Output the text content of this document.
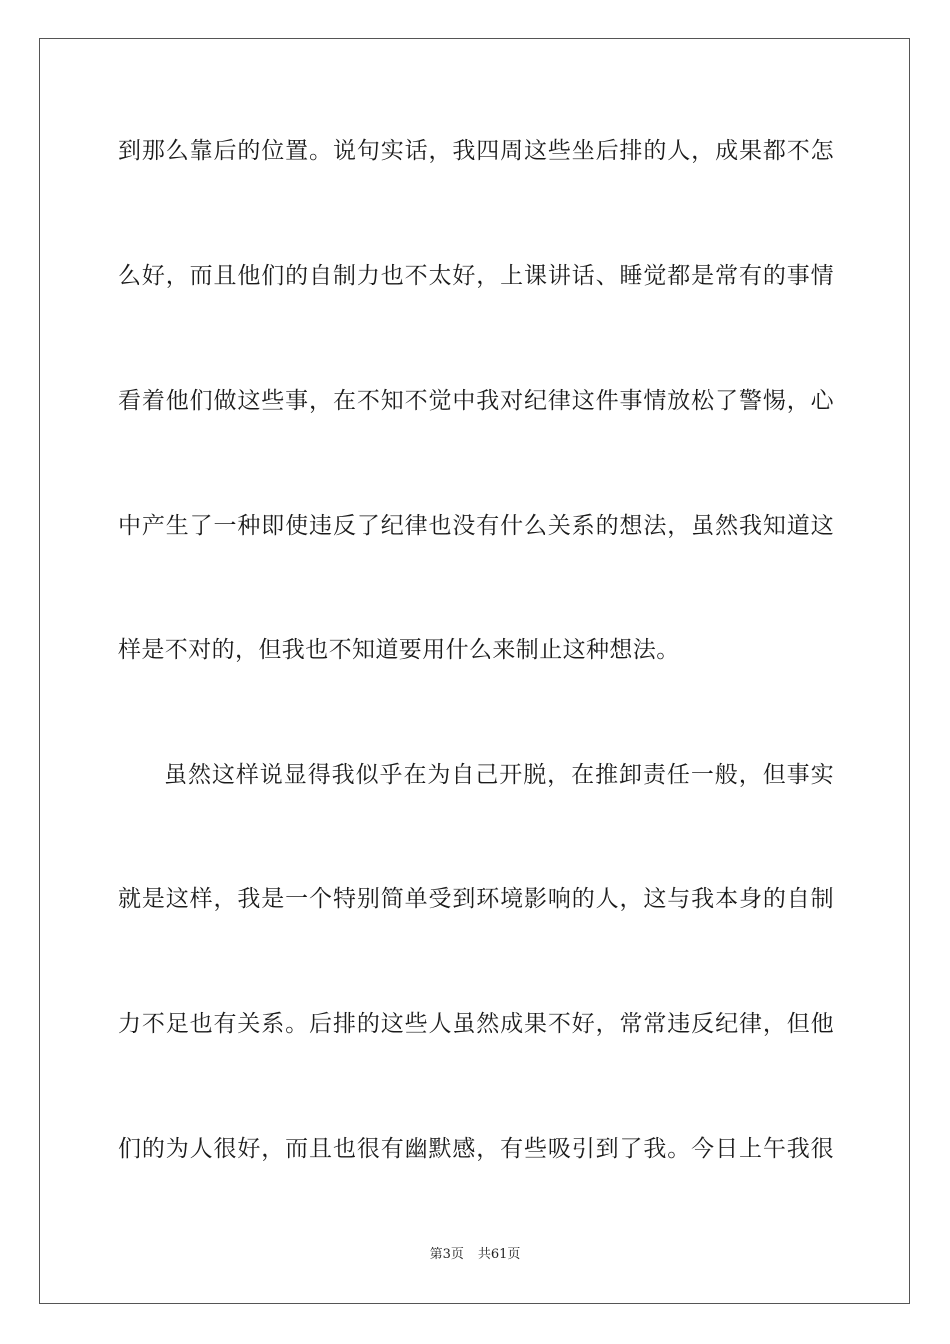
到那么靠后的位置。说句实话，我四周这些坐后排的人，成果都不怎
么好，而且他们的自制力也不太好，上课讲话、睡觉都是常有的事情
看着他们做这些事，在不知不觉中我对纪律这件事情放松了警惕，心
中产生了一种即使违反了纪律也没有什么关系的想法，虽然我知道这
样是不对的，但我也不知道要用什么来制止这种想法。
虽然这样说显得我似乎在为自己开脱，在推卸责任一般，但事实
就是这样，我是一个特别简单受到环境影响的人，这与我本身的自制
力不足也有关系。后排的这些人虽然成果不好，常常违反纪律，但他
们的为人很好，而且也很有幽默感，有些吸引到了我。今日上午我很
第3页 共61页
